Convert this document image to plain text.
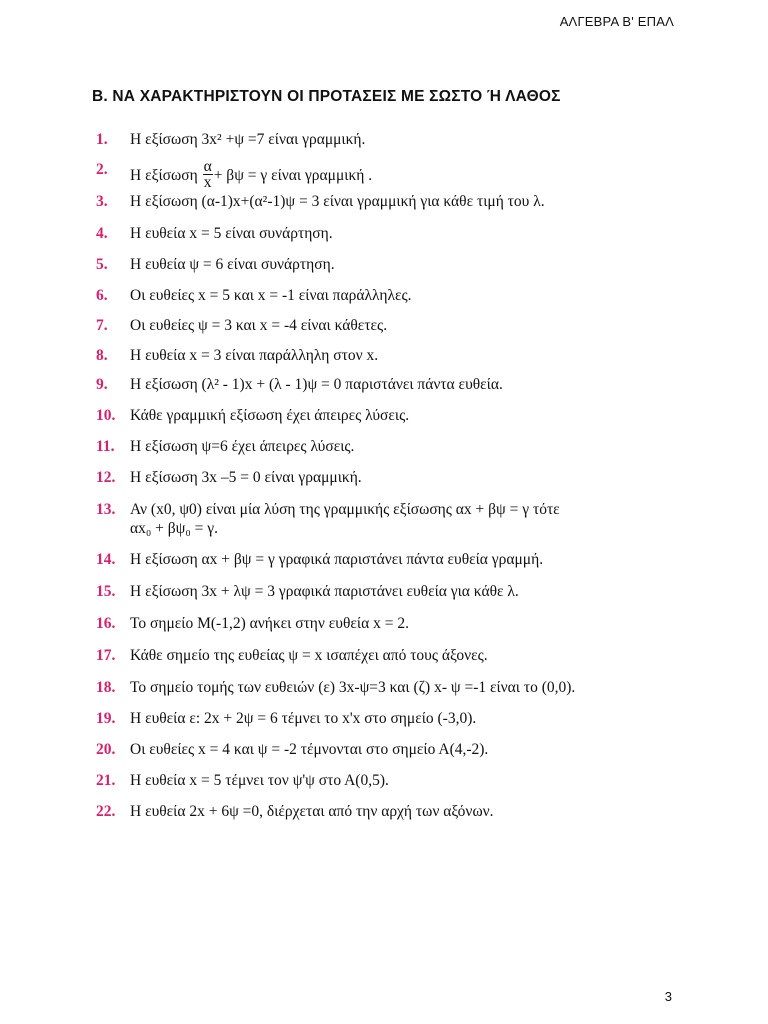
ΑΛΓΕΒΡΑ Β' ΕΠΑΛ
Β. ΝΑ ΧΑΡΑΚΤΗΡΙΣΤΟΥΝ ΟΙ ΠΡΟΤΑΣΕΙΣ ΜΕ ΣΩΣΤΟ Ή ΛΑΘΟΣ
1.	Η εξίσωση 3x² +ψ =7 είναι γραμμική.
2.	Η εξίσωση $\frac{\alpha}{x} + \beta\psi = \gamma$ είναι γραμμική .
3.	Η εξίσωση (α-1)x+(α²-1)ψ = 3 είναι γραμμική για κάθε τιμή του λ.
4.	Η ευθεία x = 5 είναι συνάρτηση.
5.	Η ευθεία ψ = 6 είναι συνάρτηση.
6.	Οι ευθείες x = 5 και x = -1 είναι παράλληλες.
7.	Οι ευθείες ψ = 3 και x = -4 είναι κάθετες.
8.	Η ευθεία x = 3 είναι παράλληλη στον x.
9.	Η εξίσωση (λ² - 1)x + (λ - 1)ψ = 0 παριστάνει πάντα ευθεία.
10. Κάθε γραμμική εξίσωση έχει άπειρες λύσεις.
11. Η εξίσωση ψ=6 έχει άπειρες λύσεις.
12. Η εξίσωση 3x –5 = 0 είναι γραμμική.
13. Αν (x0, ψ0) είναι μία λύση της γραμμικής εξίσωσης αx + βψ = γ τότε
αx₀ + βψ₀ = γ.
14. Η εξίσωση αx + βψ = γ γραφικά παριστάνει πάντα ευθεία γραμμή.
15. Η εξίσωση 3x + λψ = 3 γραφικά παριστάνει ευθεία για κάθε λ.
16. Το σημείο Μ(-1,2) ανήκει στην ευθεία x = 2.
17. Κάθε σημείο της ευθείας ψ = x ισαπέχει από τους άξονες.
18. Το σημείο τομής των ευθειών (ε) 3x-ψ=3 και (ζ) x- ψ =-1 είναι το (0,0).
19. Η ευθεία ε: 2x + 2ψ = 6 τέμνει το x'x στο σημείο (-3,0).
20. Οι ευθείες x = 4 και ψ = -2 τέμνονται στο σημείο Α(4,-2).
21. Η ευθεία x = 5 τέμνει τον ψ'ψ στο Α(0,5).
22. Η ευθεία 2x + 6ψ =0, διέρχεται από την αρχή των αξόνων.
3
